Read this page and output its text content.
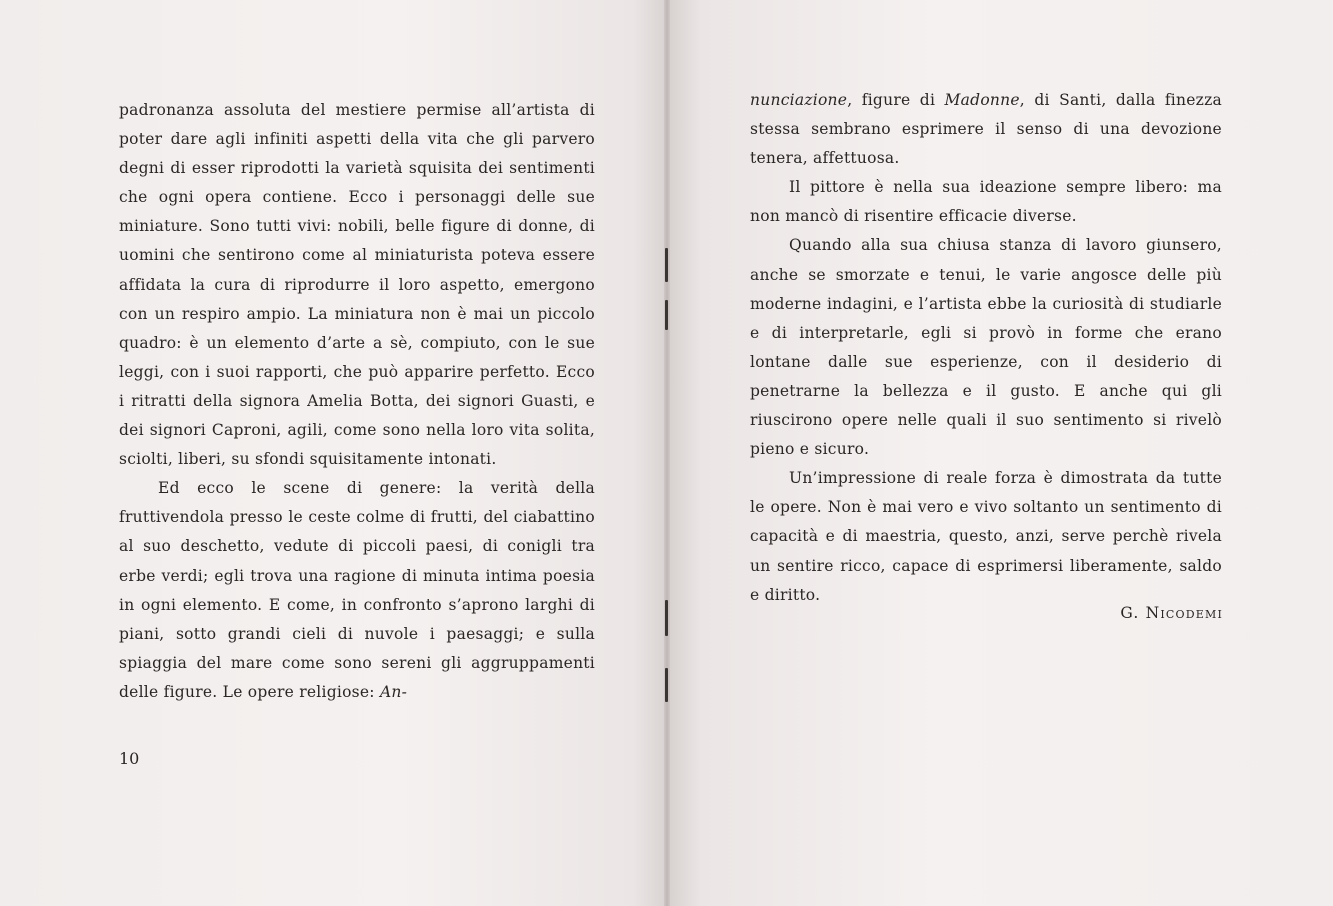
padronanza assoluta del mestiere permise all’artista di poter dare agli infiniti aspetti della vita che gli parvero degni di esser riprodotti la varietà squisita dei sentimenti che ogni opera contiene. Ecco i personaggi delle sue miniature. Sono tutti vivi: nobili, belle figure di donne, di uomini che sentirono come al miniaturista poteva essere affidata la cura di riprodurre il loro aspetto, emergono con un respiro ampio. La miniatura non è mai un piccolo quadro: è un elemento d’arte a sè, compiuto, con le sue leggi, con i suoi rapporti, che può apparire perfetto. Ecco i ritratti della signora Amelia Botta, dei signori Guasti, e dei signori Caproni, agili, come sono nella loro vita solita, sciolti, liberi, su sfondi squisitamente intonati.

Ed ecco le scene di genere: la verità della fruttivendola presso le ceste colme di frutti, del ciabattino al suo deschetto, vedute di piccoli paesi, di conigli tra erbe verdi; egli trova una ragione di minuta intima poesia in ogni elemento. E come, in confronto s’aprono larghi di piani, sotto grandi cieli di nuvole i paesaggi; e sulla spiaggia del mare come sono sereni gli aggruppamenti delle figure. Le opere religiose: An-

10

nunciazione, figure di Madonne, di Santi, dalla finezza stessa sembrano esprimere il senso di una devozione tenera, affettuosa.

Il pittore è nella sua ideazione sempre libero: ma non mancò di risentire efficacie diverse.

Quando alla sua chiusa stanza di lavoro giunsero, anche se smorzate e tenui, le varie angosce delle più moderne indagini, e l’artista ebbe la curiosità di studiarle e di interpretarle, egli si provò in forme che erano lontane dalle sue esperienze, con il desiderio di penetrarne la bellezza e il gusto. E anche qui gli riuscirono opere nelle quali il suo sentimento si rivelò pieno e sicuro.

Un’impressione di reale forza è dimostrata da tutte le opere. Non è mai vero e vivo soltanto un sentimento di capacità e di maestria, questo, anzi, serve perchè rivela un sentire ricco, capace di esprimersi liberamente, saldo e diritto.

G. Nicodemi
